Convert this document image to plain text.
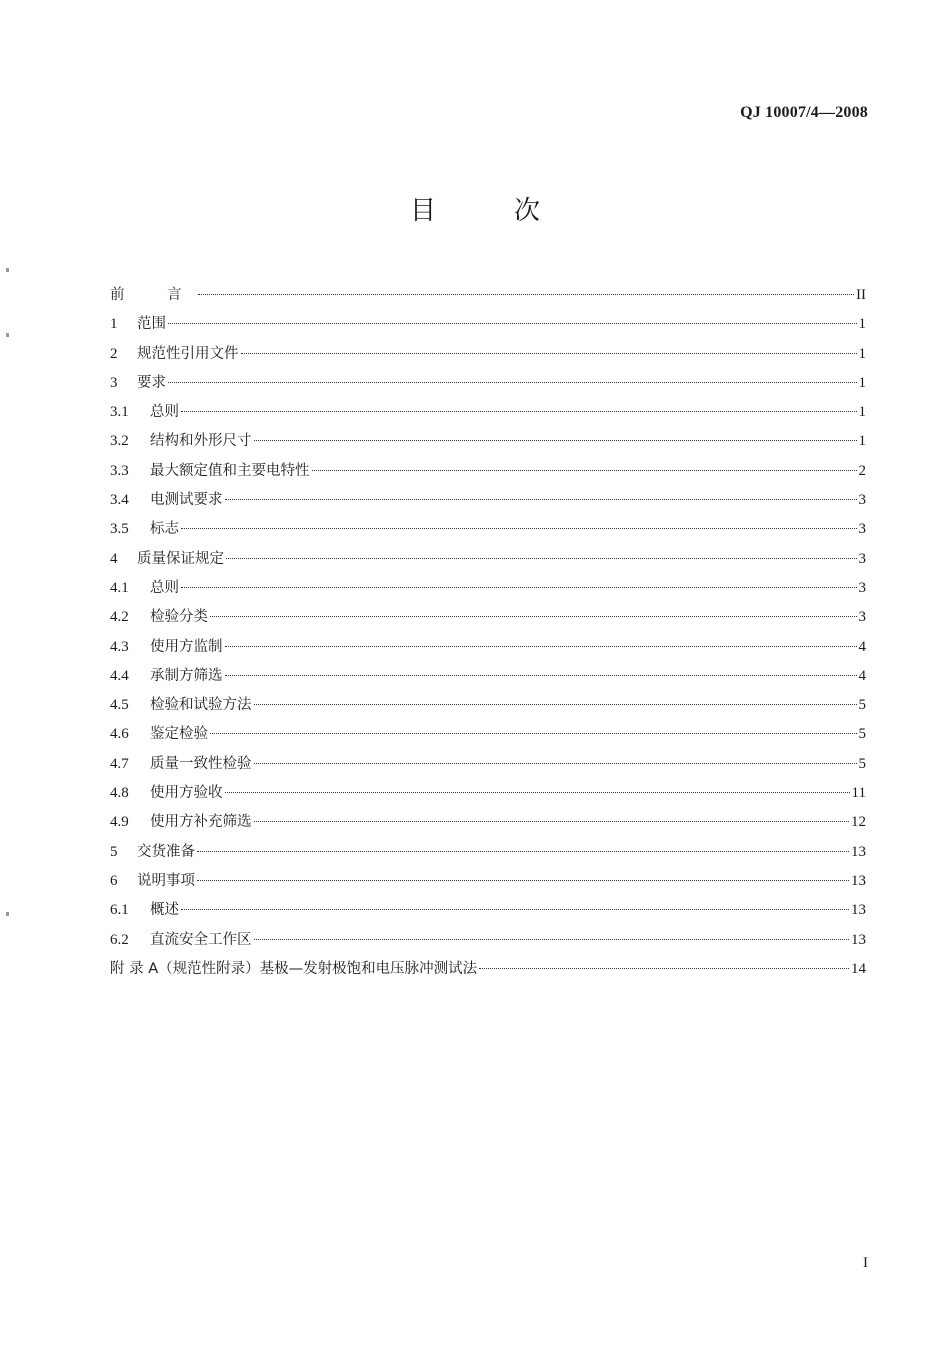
QJ 10007/4—2008
目　次
前　言	II
1	范围	1
2	规范性引用文件	1
3	要求	1
3.1	总则	1
3.2	结构和外形尺寸	1
3.3	最大额定值和主要电特性	2
3.4	电测试要求	3
3.5	标志	3
4	质量保证规定	3
4.1	总则	3
4.2	检验分类	3
4.3	使用方监制	4
4.4	承制方筛选	4
4.5	检验和试验方法	5
4.6	鉴定检验	5
4.7	质量一致性检验	5
4.8	使用方验收	11
4.9	使用方补充筛选	12
5	交货准备	13
6	说明事项	13
6.1	概述	13
6.2	直流安全工作区	13
附 录 A（规范性附录）基极—发射极饱和电压脉冲测试法	14
I
